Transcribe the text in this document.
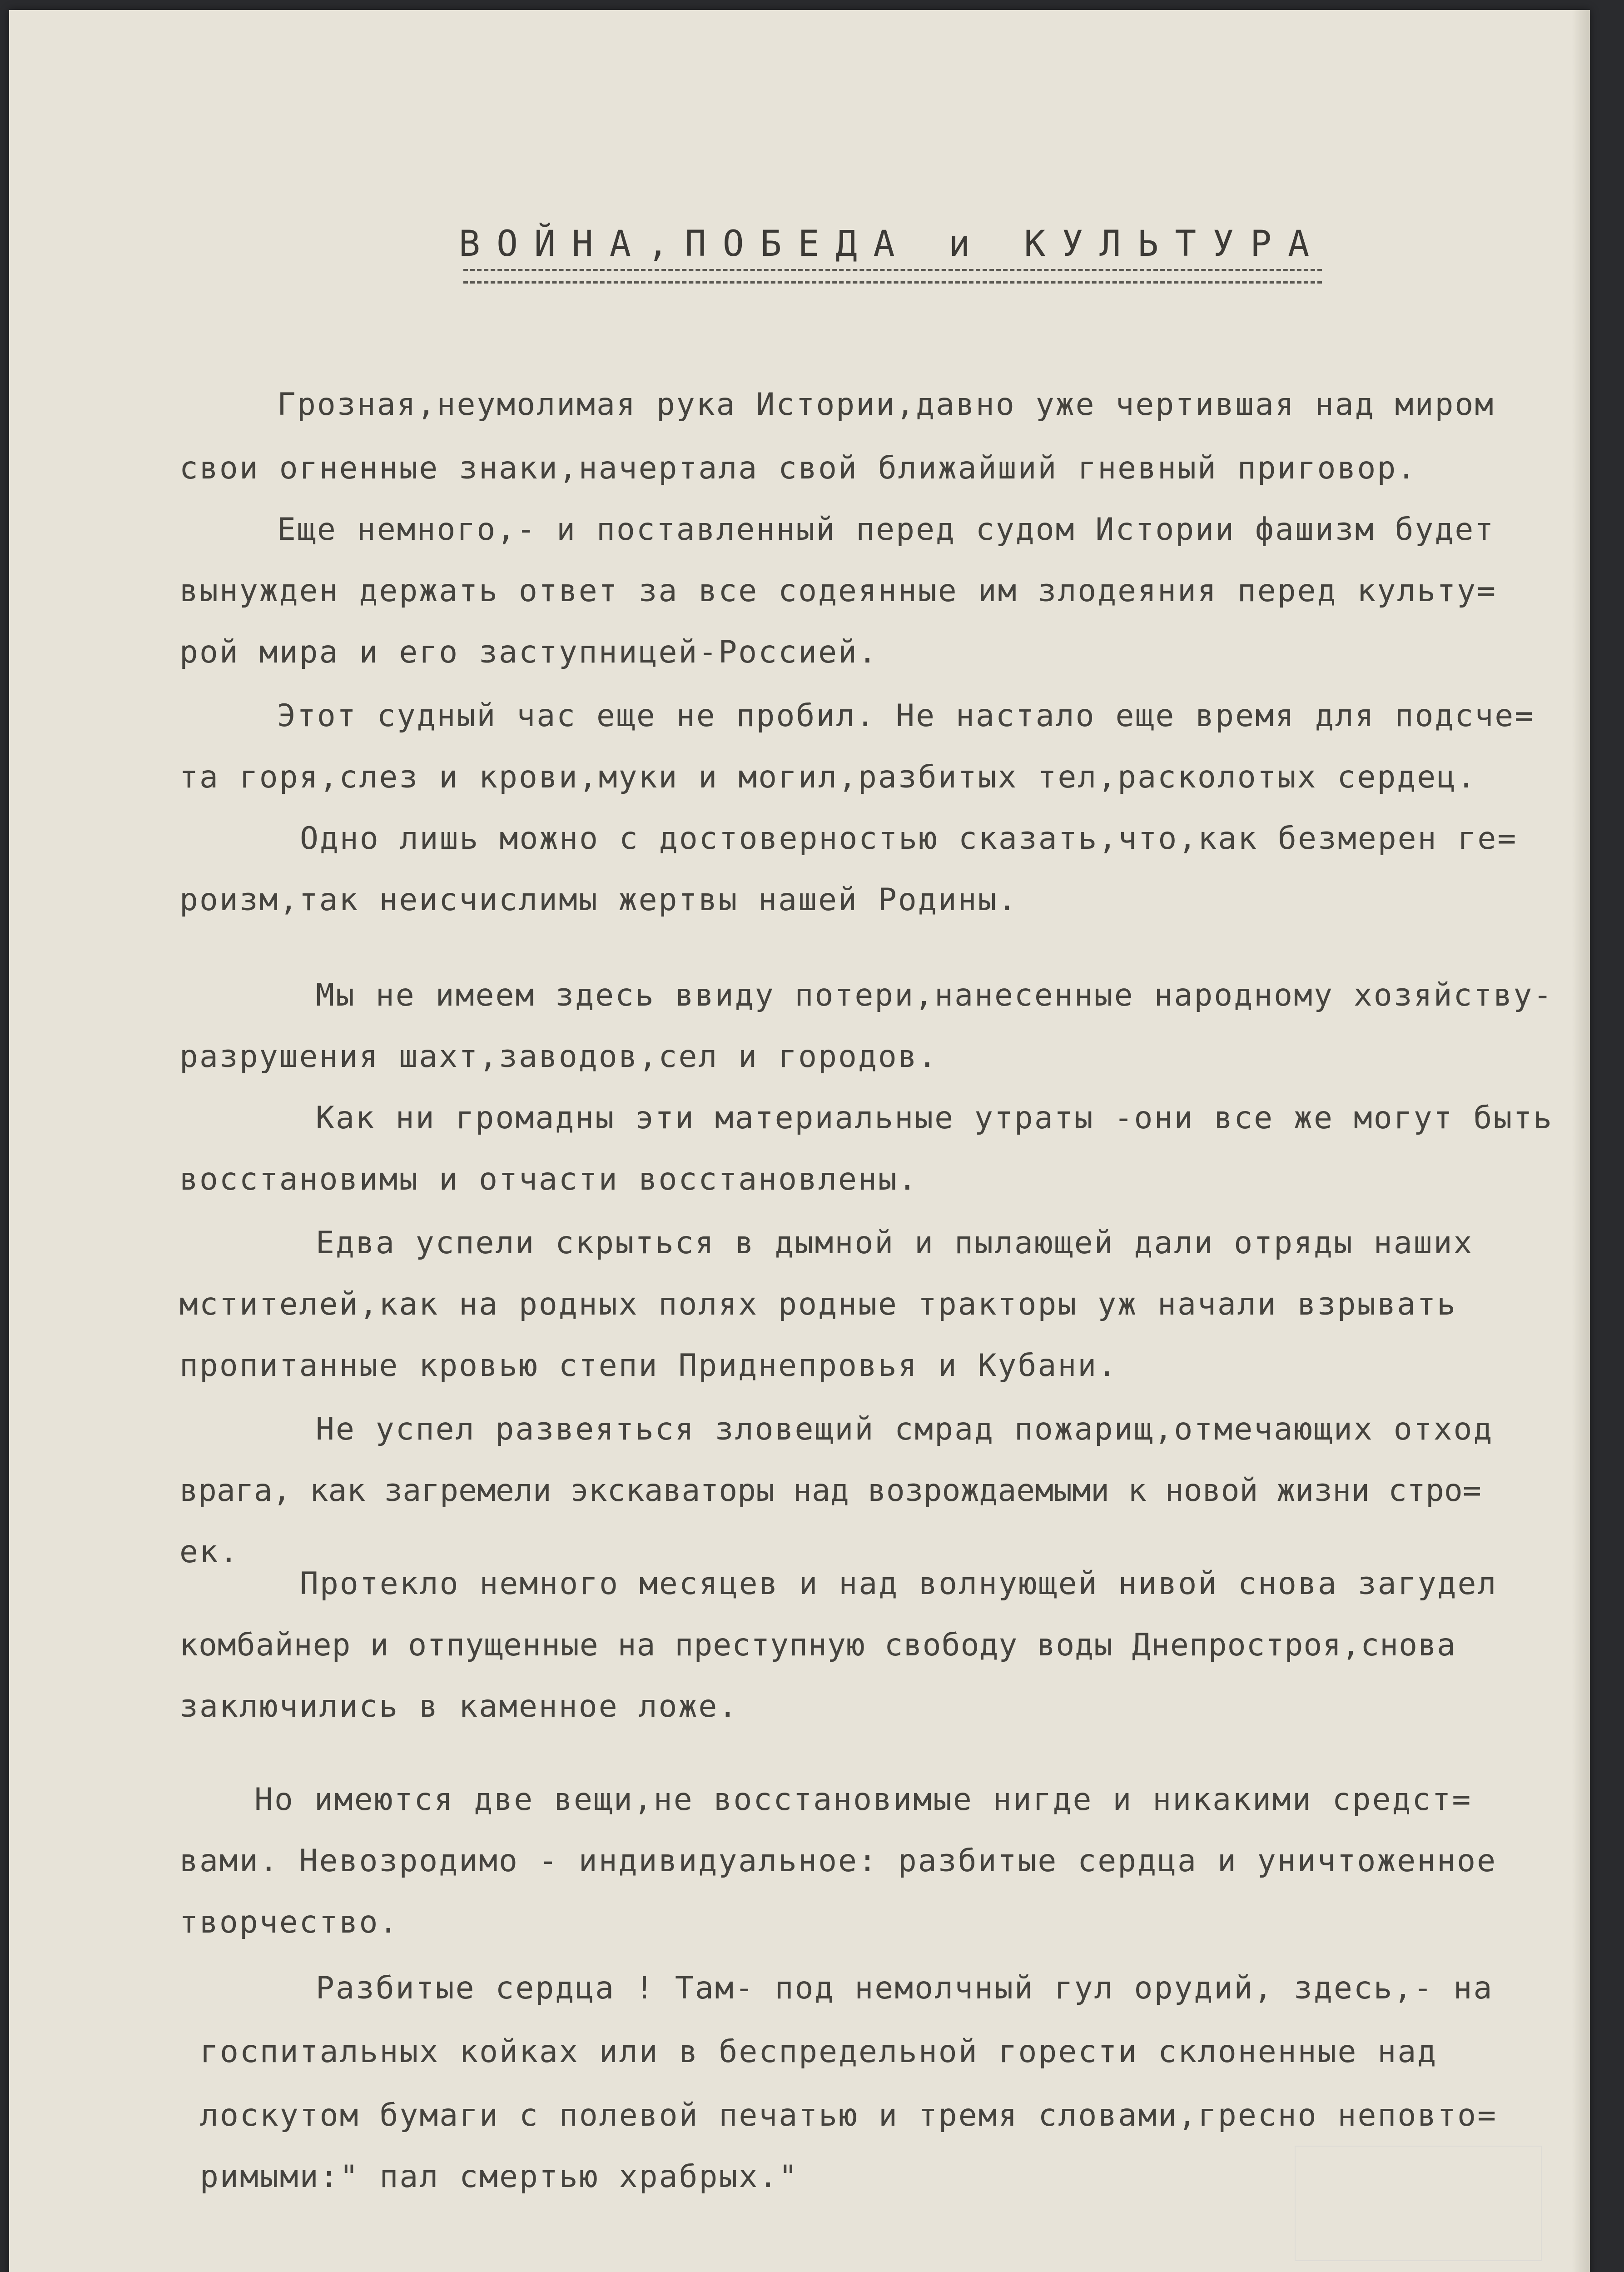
ВОЙНА,ПОБЕДА и КУЛЬТУРА
Грозная,неумолимая рука Истории,давно уже чертившая над миром
свои огненные знаки,начертала свой ближайший гневный приговор.
Еще немного,- и поставленный перед судом Истории фашизм будет
вынужден держать ответ за все содеянные им злодеяния перед культу=
рой мира и его заступницей-Россией.
Этот судный час еще не пробил. Не настало еще время для подсче=
та горя,слез и крови,муки и могил,разбитых тел,расколотых сердец.
Одно лишь можно с достоверностью сказать,что,как безмерен ге=
роизм,так неисчислимы жертвы нашей Родины.
Мы не имеем здесь ввиду потери,нанесенные народному хозяйству-
разрушения шахт,заводов,сел и городов.
Как ни громадны эти материальные утраты -они все же могут быть
восстановимы и отчасти восстановлены.
Едва успели скрыться в дымной и пылающей дали отряды наших
мстителей,как на родных полях родные тракторы уж начали взрывать
пропитанные кровью степи Приднепровья и Кубани.
Не успел развеяться зловещий смрад пожарищ,отмечающих отход
врага, как загремели экскаваторы над возрождаемыми к новой жизни стро=
ек.
Протекло немного месяцев и над волнующей нивой снова загудел
комбайнер и отпущенные на преступную свободу воды Днепростроя,снова
заключились в каменное ложе.
Но имеются две вещи,не восстановимые нигде и никакими средст=
вами. Невозродимо - индивидуальное: разбитые сердца и уничтоженное
творчество.
Разбитые сердца ! Там- под немолчный гул орудий, здесь,- на
госпитальных койках или в беспредельной горести склоненные над
лоскутом бумаги с полевой печатью и тремя словами,гресно неповто=
римыми:" пал смертью храбрых."
